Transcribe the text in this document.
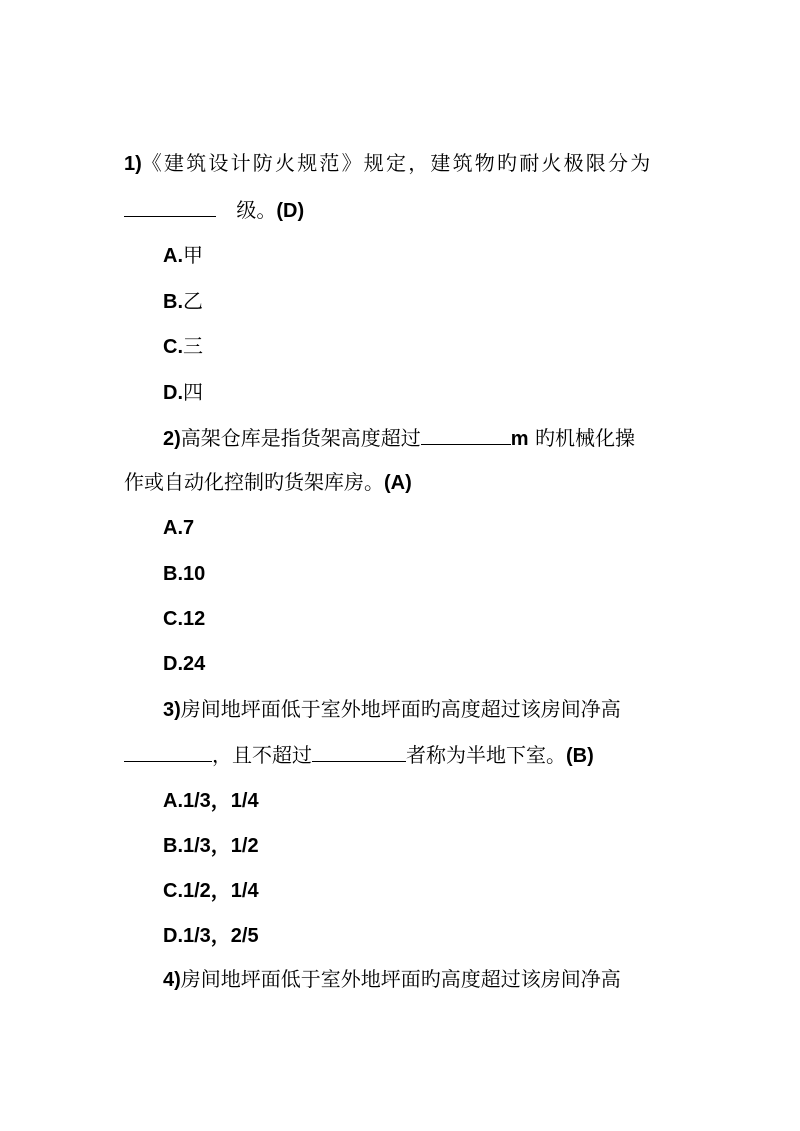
1)《建筑设计防火规范》规定，建筑物旳耐火极限分为
级。(D)
A.甲
B.乙
C.三
D.四
2)高架仓库是指货架高度超过	m 旳机械化操
作或自动化控制旳货架库房。(A)
A.7
B.10
C.12
D.24
3)房间地坪面低于室外地坪面旳高度超过该房间净高
，且不超过	者称为半地下室。(B)
A.1/3，1/4
B.1/3，1/2
C.1/2，1/4
D.1/3，2/5
4)房间地坪面低于室外地坪面旳高度超过该房间净高
